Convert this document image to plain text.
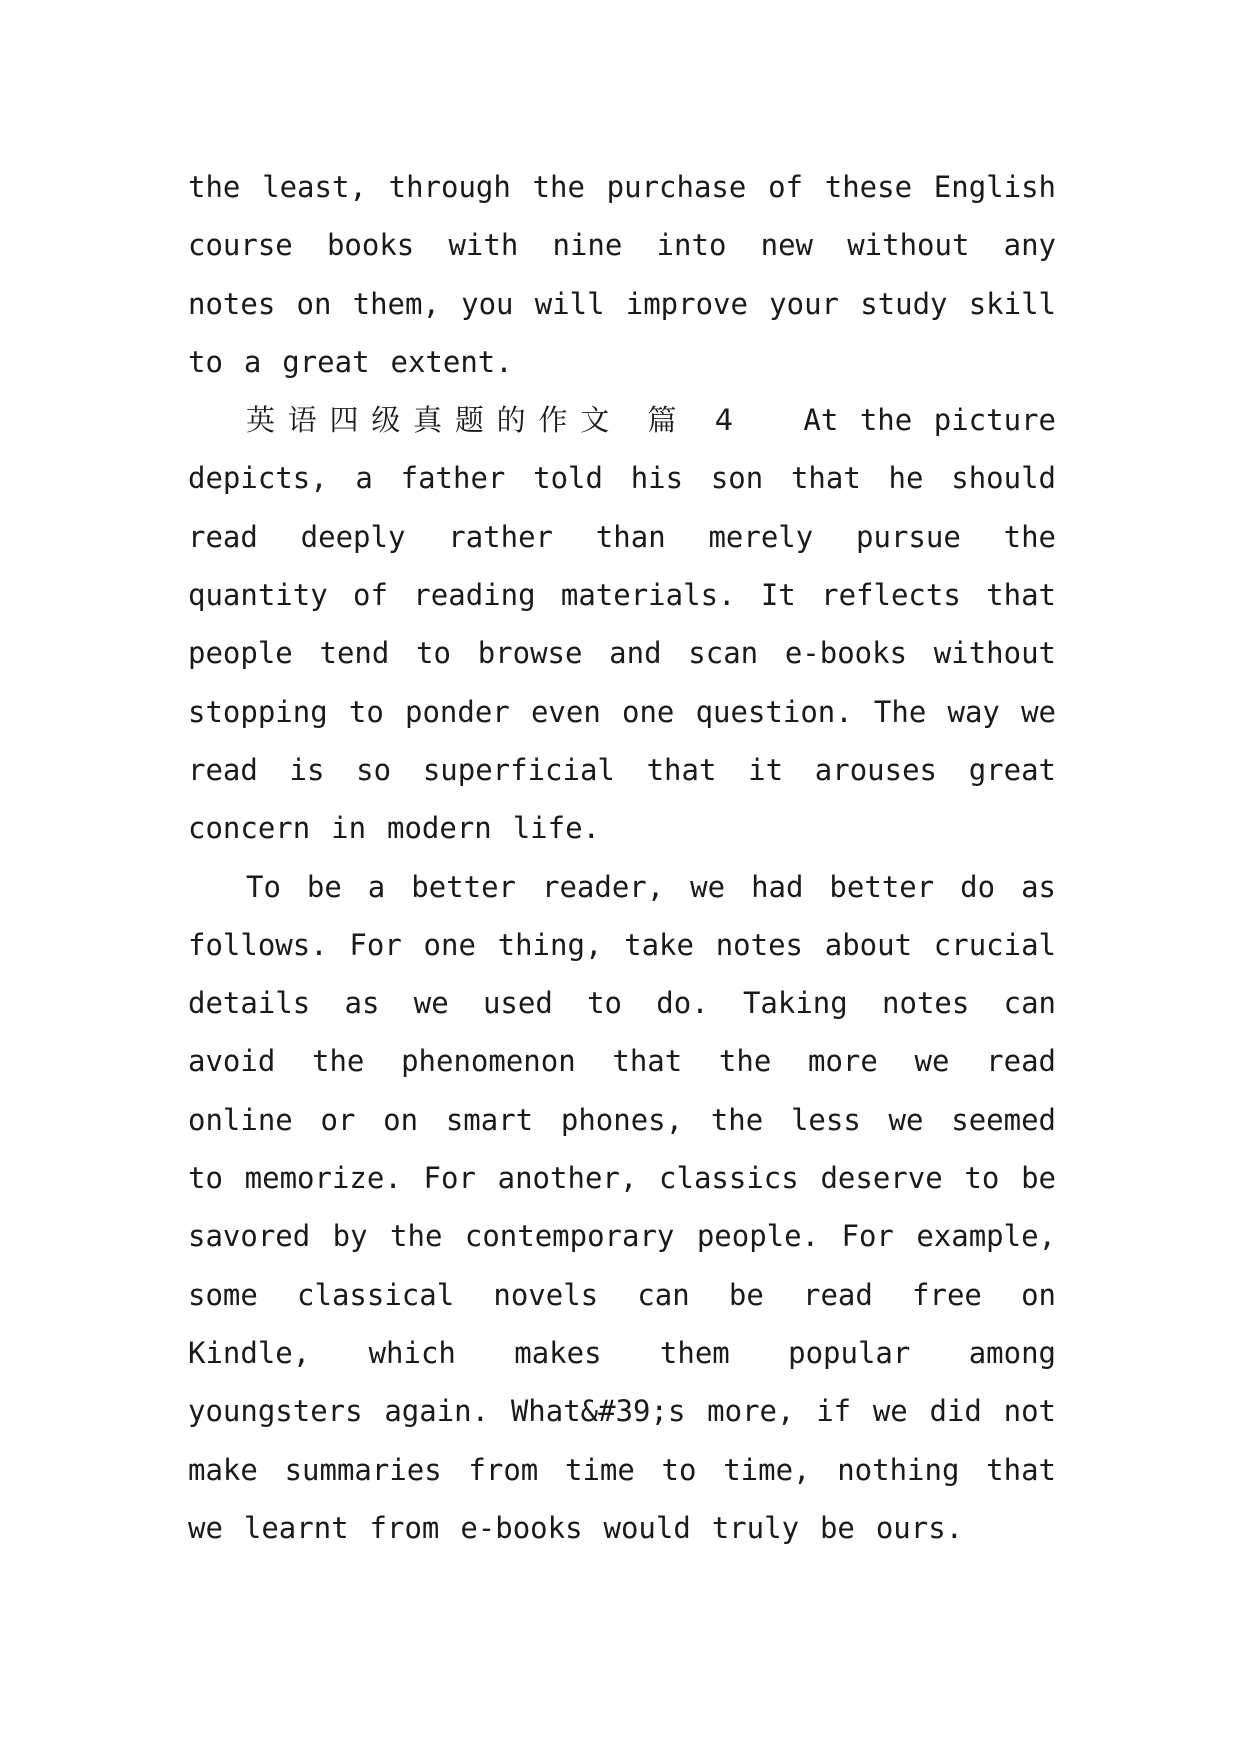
the least, through the purchase of these English course books with nine into new without any notes on them, you will improve your study skill to a great extent.

英语四级真题的作文 篇 4 At the picture depicts, a father told his son that he should read deeply rather than merely pursue the quantity of reading materials. It reflects that people tend to browse and scan e-books without stopping to ponder even one question. The way we read is so superficial that it arouses great concern in modern life.

To be a better reader, we had better do as follows. For one thing, take notes about crucial details as we used to do. Taking notes can avoid the phenomenon that the more we read online or on smart phones, the less we seemed to memorize. For another, classics deserve to be savored by the contemporary people. For example, some classical novels can be read free on Kindle, which makes them popular among youngsters again. What&#39;s more, if we did not make summaries from time to time, nothing that we learnt from e-books would truly be ours.
